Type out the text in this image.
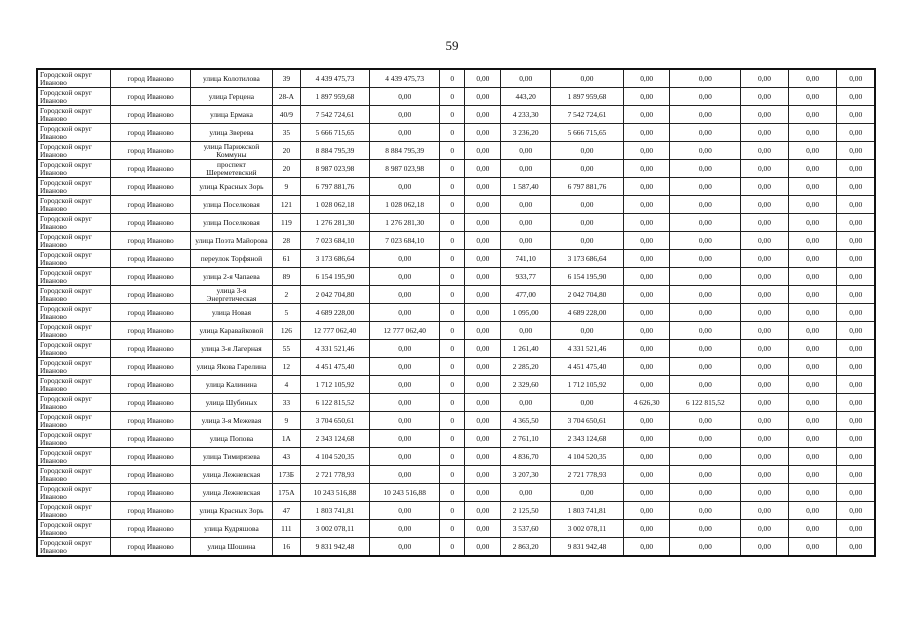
59
Городской округ Иваново	город Иваново	улица Колотилова	39	4 439 475,73	4 439 475,73	0	0,00	0,00	0,00	0,00	0,00	0,00	0,00	0,00
Городской округ Иваново	город Иваново	улица Герцена	28-А	1 897 959,68	0,00	0	0,00	443,20	1 897 959,68	0,00	0,00	0,00	0,00	0,00
Городской округ Иваново	город Иваново	улица Ермака	40/9	7 542 724,61	0,00	0	0,00	4 233,30	7 542 724,61	0,00	0,00	0,00	0,00	0,00
Городской округ Иваново	город Иваново	улица Зверева	35	5 666 715,65	0,00	0	0,00	3 236,20	5 666 715,65	0,00	0,00	0,00	0,00	0,00
Городской округ Иваново	город Иваново	улица Парижской Коммуны	20	8 884 795,39	8 884 795,39	0	0,00	0,00	0,00	0,00	0,00	0,00	0,00	0,00
Городской округ Иваново	город Иваново	проспект Шереметевский	20	8 987 023,98	8 987 023,98	0	0,00	0,00	0,00	0,00	0,00	0,00	0,00	0,00
Городской округ Иваново	город Иваново	улица Красных Зорь	9	6 797 881,76	0,00	0	0,00	1 587,40	6 797 881,76	0,00	0,00	0,00	0,00	0,00
Городской округ Иваново	город Иваново	улица Поселковая	121	1 028 062,18	1 028 062,18	0	0,00	0,00	0,00	0,00	0,00	0,00	0,00	0,00
Городской округ Иваново	город Иваново	улица Поселковая	119	1 276 281,30	1 276 281,30	0	0,00	0,00	0,00	0,00	0,00	0,00	0,00	0,00
Городской округ Иваново	город Иваново	улица Поэта Майорова	28	7 023 684,10	7 023 684,10	0	0,00	0,00	0,00	0,00	0,00	0,00	0,00	0,00
Городской округ Иваново	город Иваново	переулок Торфяной	61	3 173 686,64	0,00	0	0,00	741,10	3 173 686,64	0,00	0,00	0,00	0,00	0,00
Городской округ Иваново	город Иваново	улица 2-я Чапаева	89	6 154 195,90	0,00	0	0,00	933,77	6 154 195,90	0,00	0,00	0,00	0,00	0,00
Городской округ Иваново	город Иваново	улица 3-я Энергетическая	2	2 042 704,80	0,00	0	0,00	477,00	2 042 704,80	0,00	0,00	0,00	0,00	0,00
Городской округ Иваново	город Иваново	улица Новая	5	4 689 228,00	0,00	0	0,00	1 095,00	4 689 228,00	0,00	0,00	0,00	0,00	0,00
Городской округ Иваново	город Иваново	улица Каравайковой	126	12 777 062,40	12 777 062,40	0	0,00	0,00	0,00	0,00	0,00	0,00	0,00	0,00
Городской округ Иваново	город Иваново	улица 3-я Лагерная	55	4 331 521,46	0,00	0	0,00	1 261,40	4 331 521,46	0,00	0,00	0,00	0,00	0,00
Городской округ Иваново	город Иваново	улица Якова Гарелина	12	4 451 475,40	0,00	0	0,00	2 285,20	4 451 475,40	0,00	0,00	0,00	0,00	0,00
Городской округ Иваново	город Иваново	улица Калинина	4	1 712 105,92	0,00	0	0,00	2 329,60	1 712 105,92	0,00	0,00	0,00	0,00	0,00
Городской округ Иваново	город Иваново	улица Шубиных	33	6 122 815,52	0,00	0	0,00	0,00	0,00	4 626,30	6 122 815,52	0,00	0,00	0,00
Городской округ Иваново	город Иваново	улица 3-я Межевая	9	3 704 650,61	0,00	0	0,00	4 365,50	3 704 650,61	0,00	0,00	0,00	0,00	0,00
Городской округ Иваново	город Иваново	улица Попова	1А	2 343 124,68	0,00	0	0,00	2 761,10	2 343 124,68	0,00	0,00	0,00	0,00	0,00
Городской округ Иваново	город Иваново	улица Тимирязева	43	4 104 520,35	0,00	0	0,00	4 836,70	4 104 520,35	0,00	0,00	0,00	0,00	0,00
Городской округ Иваново	город Иваново	улица Лежневская	173Б	2 721 778,93	0,00	0	0,00	3 207,30	2 721 778,93	0,00	0,00	0,00	0,00	0,00
Городской округ Иваново	город Иваново	улица Лежневская	175А	10 243 516,88	10 243 516,88	0	0,00	0,00	0,00	0,00	0,00	0,00	0,00	0,00
Городской округ Иваново	город Иваново	улица Красных Зорь	47	1 803 741,81	0,00	0	0,00	2 125,50	1 803 741,81	0,00	0,00	0,00	0,00	0,00
Городской округ Иваново	город Иваново	улица Кудряшова	111	3 002 078,11	0,00	0	0,00	3 537,60	3 002 078,11	0,00	0,00	0,00	0,00	0,00
Городской округ Иваново	город Иваново	улица Шошина	16	9 831 942,48	0,00	0	0,00	2 863,20	9 831 942,48	0,00	0,00	0,00	0,00	0,00
